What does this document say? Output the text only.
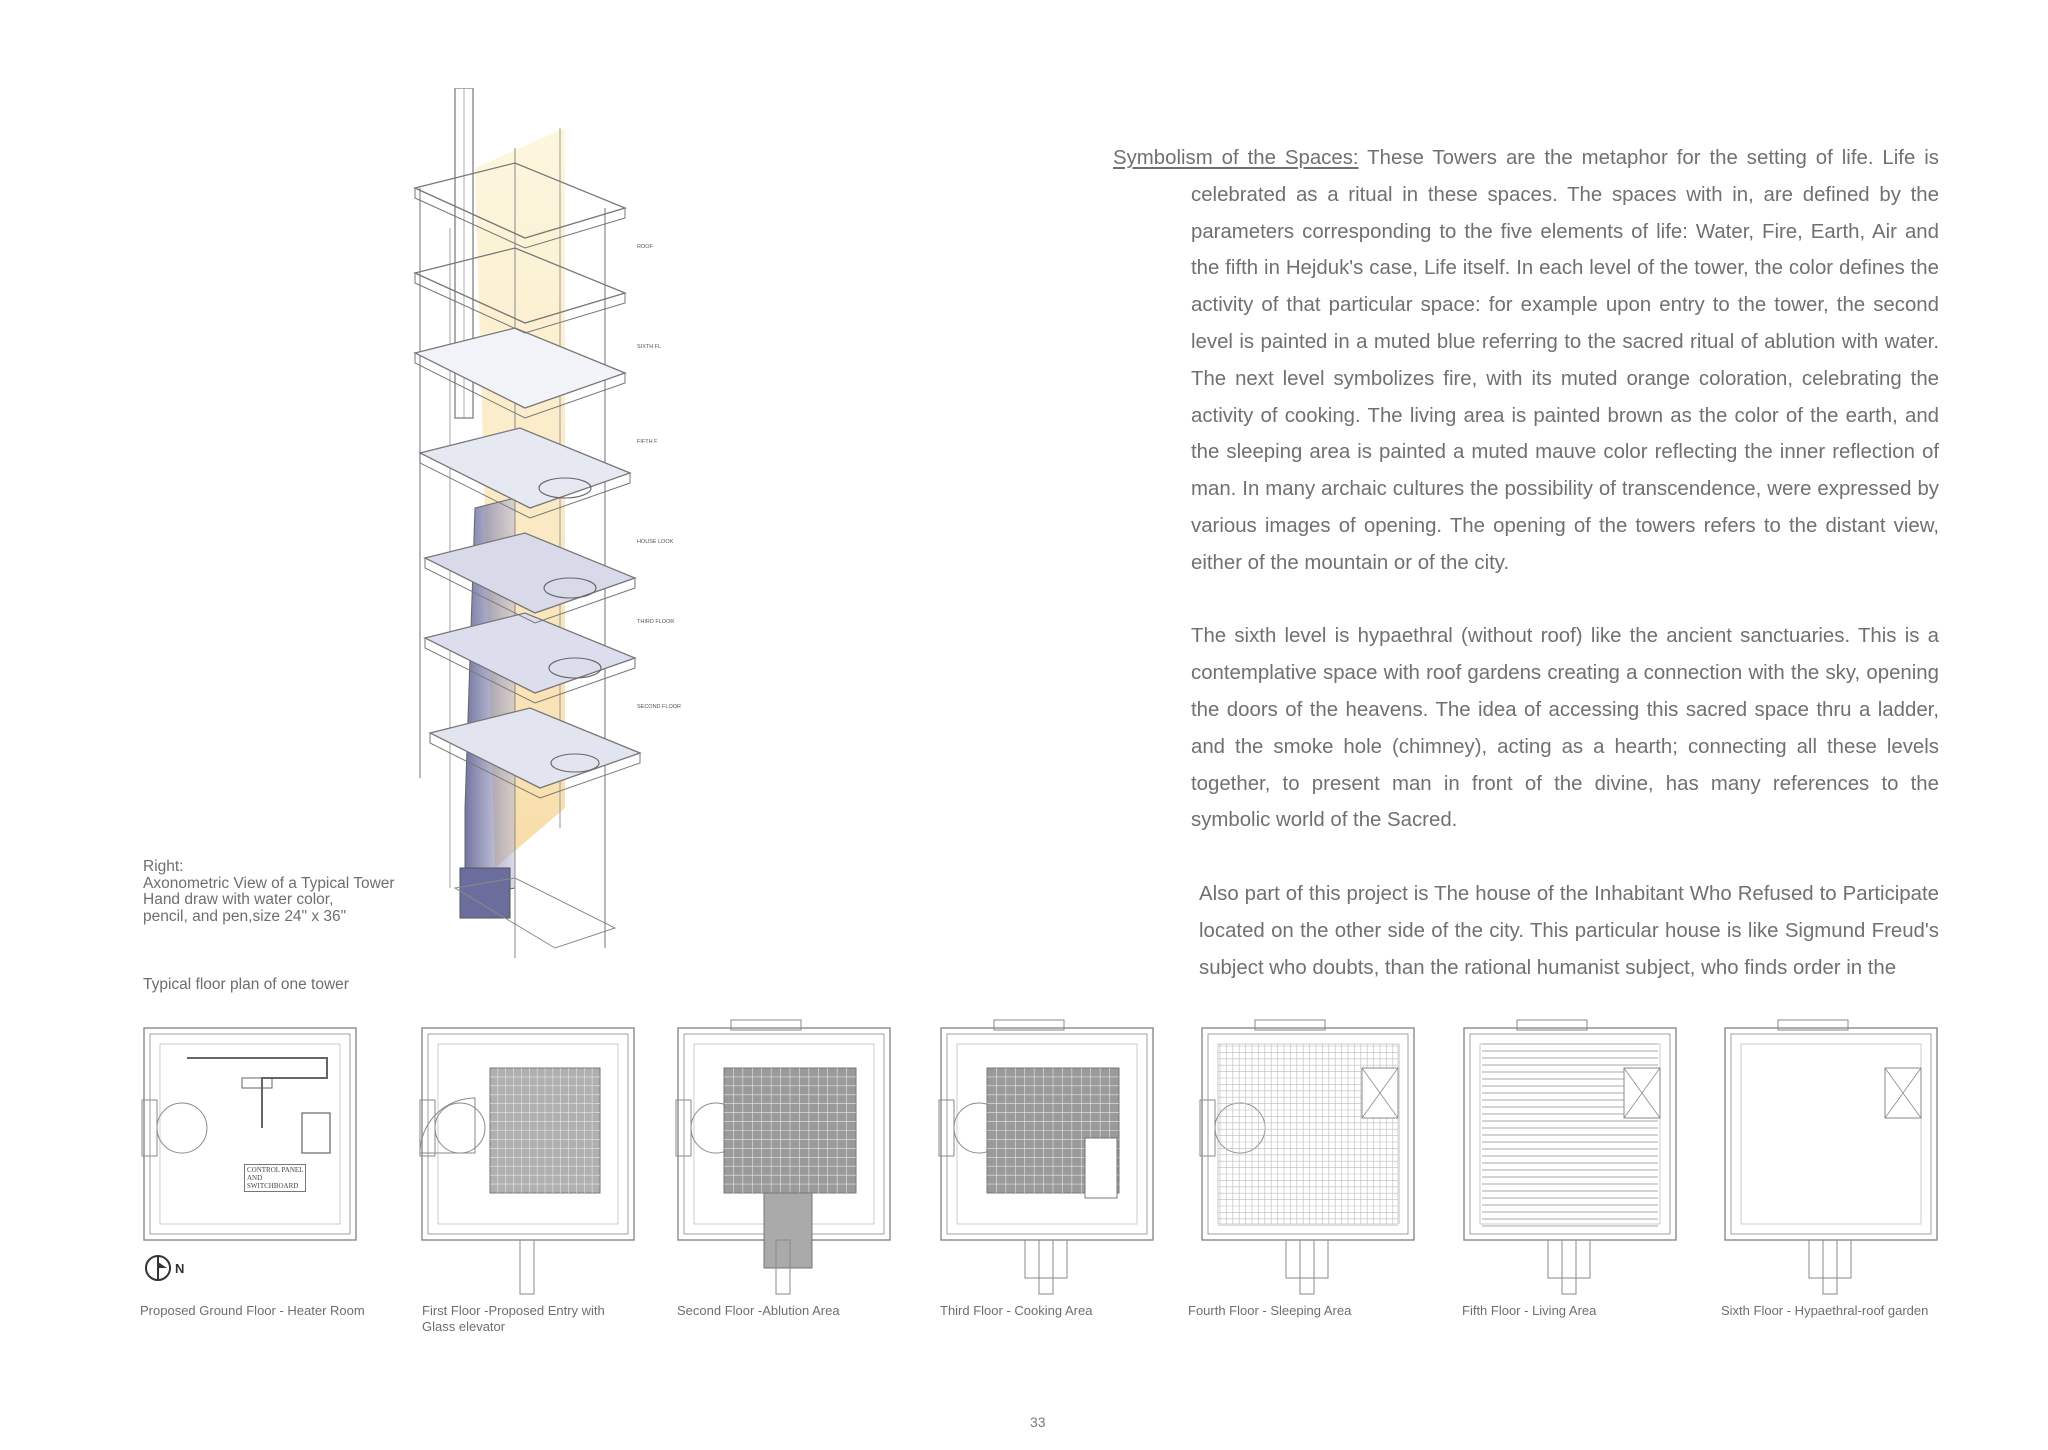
ROOF
SIXTH FL
FIFTH F
HOUSE LOOK
THIRD FLOOR
SECOND FLOOR
Right:
Axonometric View of a Typical Tower
Hand draw with water color,
pencil, and pen,size 24" x 36"
Typical floor plan of one tower
Symbolism of the Spaces: These Towers are the metaphor for the setting of life. Life is celebrated as a ritual in these spaces. The spaces with in, are defined by the parameters corresponding to the five elements of life: Water, Fire, Earth, Air and the fifth in Hejduk's case, Life itself. In each level of the tower, the color defines the activity of that particular space: for example upon entry to the tower, the second level is painted in a muted blue referring to the sacred ritual of ablution with water. The next level symbolizes fire, with its muted orange coloration, celebrating the activity of cooking. The living area is painted brown as the color of the earth, and the sleeping area is painted a muted mauve color reflecting the inner reflection of man. In many archaic cultures the possibility of transcendence, were expressed by various images of opening. The opening of the towers refers to the distant view, either of the mountain or of the city.
The sixth level is hypaethral (without roof) like the ancient sanctuaries. This is a contemplative space with roof gardens creating a connection with the sky, opening the doors of the heavens. The idea of accessing this sacred space thru a ladder, and the smoke hole (chimney), acting as a hearth; connecting all these levels together, to present man in front of the divine, has many references to the symbolic world of the Sacred.
Also part of this project is The house of the Inhabitant Who Refused to Participate located on the other side of the city. This particular house is like Sigmund Freud's subject who doubts, than the rational humanist subject, who finds order in the
CONTROL PANEL
AND
SWITCHBOARD
N
Proposed Ground Floor - Heater Room	First Floor -Proposed Entry with Glass elevator
Second Floor -Ablution Area	Third Floor - Cooking Area	Fourth Floor - Sleeping Area	Fifth Floor - Living Area	Sixth Floor - Hypaethral-roof garden
33
